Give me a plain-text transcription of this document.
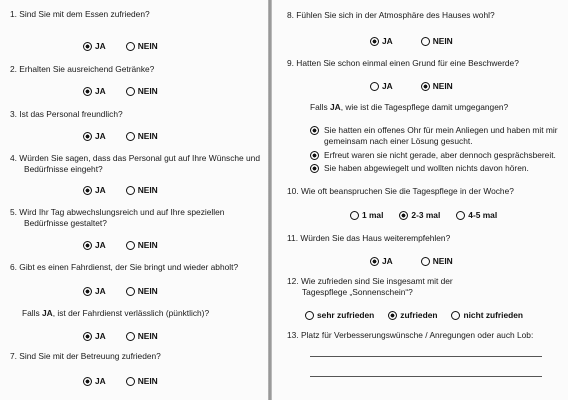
1. Sind Sie mit dem Essen zufrieden?
JA	NEIN
2. Erhalten Sie ausreichend Getränke?
JA	NEIN
3. Ist das Personal freundlich?
JA	NEIN
4. Würden Sie sagen, dass das Personal gut auf Ihre Wünsche und
Bedürfnisse eingeht?
JA	NEIN
5. Wird Ihr Tag abwechslungsreich und auf Ihre speziellen
Bedürfnisse gestaltet?
JA	NEIN
6. Gibt es einen Fahrdienst, der Sie bringt und wieder abholt?
JA	NEIN
Falls JA, ist der Fahrdienst verlässlich (pünktlich)?
JA	NEIN
7. Sind Sie mit der Betreuung zufrieden?
JA	NEIN
8. Fühlen Sie sich in der Atmosphäre des Hauses wohl?
JA	NEIN
9. Hatten Sie schon einmal einen Grund für eine Beschwerde?
JA	NEIN
Falls JA, wie ist die Tagespflege damit umgegangen?
Sie hatten ein offenes Ohr für mein Anliegen und haben mit mir
gemeinsam nach einer Lösung gesucht.
Erfreut waren sie nicht gerade, aber dennoch gesprächsbereit.
Sie haben abgewiegelt und wollten nichts davon hören.
10. Wie oft beanspruchen Sie die Tagespflege in der Woche?
1 mal	2-3 mal	4-5 mal
11. Würden Sie das Haus weiterempfehlen?
JA	NEIN
12. Wie zufrieden sind Sie insgesamt mit der
Tagespflege „Sonnenschein“?
sehr zufrieden	zufrieden	nicht zufrieden
13. Platz für Verbesserungswünsche / Anregungen oder auch Lob:
